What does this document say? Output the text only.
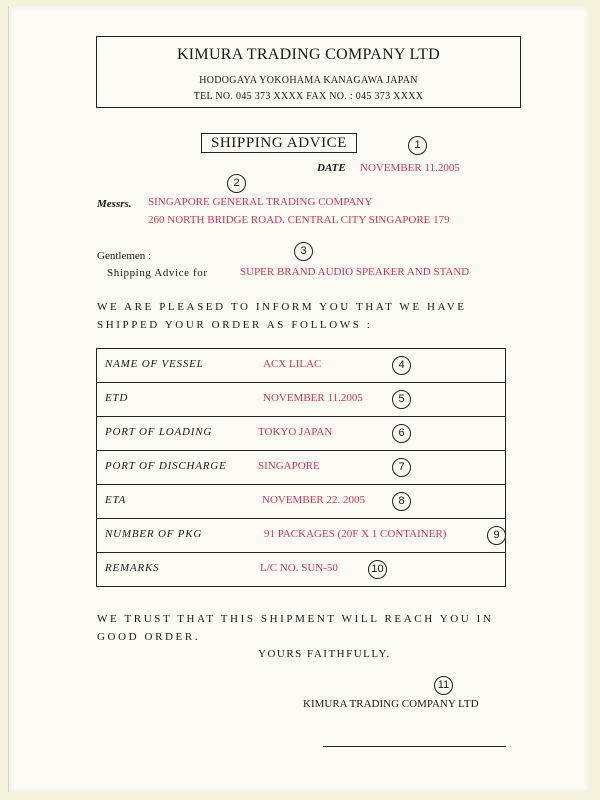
KIMURA TRADING COMPANY LTD
HODOGAYA YOKOHAMA KANAGAWA JAPAN
TEL NO. 045 373 XXXX FAX NO. : 045 373 XXXX
SHIPPING ADVICE	1
DATE NOVEMBER 11.2005
2
Messrs. SINGAPORE GENERAL TRADING COMPANY
260 NORTH BRIDGE ROAD. CENTRAL CITY SINGAPORE 179
3
Gentlemen :
Shipping Advice for	SUPER BRAND AUDIO SPEAKER AND STAND
WE ARE PLEASED TO INFORM YOU THAT WE HAVE
SHIPPED YOUR ORDER AS FOLLOWS :
NAME OF VESSEL	ACX LILAC	4
ETD	NOVEMBER 11.2005	5
PORT OF LOADING	TOKYO JAPAN	6
PORT OF DISCHARGE	SINGAPORE	7
ETA	NOVEMBER 22. 2005	8
NUMBER OF PKG	91 PACKAGES (20F X 1 CONTAINER)	9
REMARKS	L/C NO. SUN-50	10
WE TRUST THAT THIS SHIPMENT WILL REACH YOU IN
GOOD ORDER.
YOURS FAITHFULLY.
11
KIMURA TRADING COMPANY LTD
